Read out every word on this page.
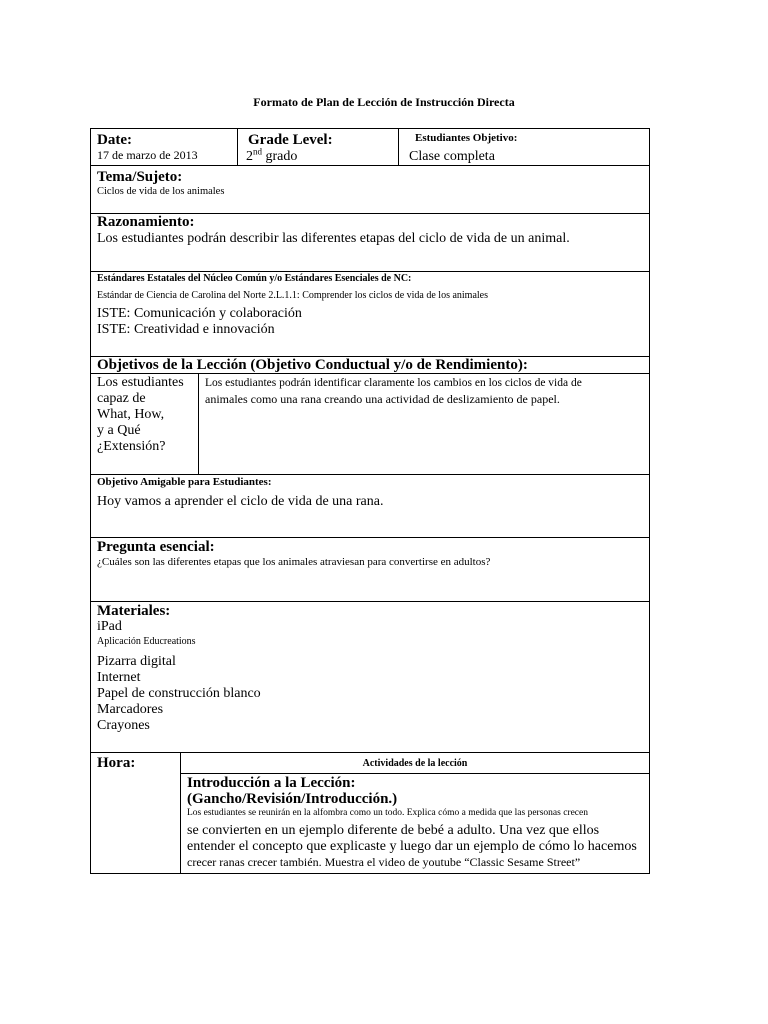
Formato de Plan de Lección de Instrucción Directa
Date:
17 de marzo de 2013
Grade Level:
2nd grado
Estudiantes Objetivo:
Clase completa
Tema/Sujeto:
Ciclos de vida de los animales
Razonamiento:
Los estudiantes podrán describir las diferentes etapas del ciclo de vida de un animal.
Estándares Estatales del Núcleo Común y/o Estándares Esenciales de NC:
Estándar de Ciencia de Carolina del Norte 2.L.1.1: Comprender los ciclos de vida de los animales
ISTE: Comunicación y colaboración
ISTE: Creatividad e innovación
Objetivos de la Lección (Objetivo Conductual y/o de Rendimiento):
Los estudiantes
capaz de
What, How,
y a Qué
¿Extensión?
Los estudiantes podrán identificar claramente los cambios en los ciclos de vida de
animales como una rana creando una actividad de deslizamiento de papel.
Objetivo Amigable para Estudiantes:
Hoy vamos a aprender el ciclo de vida de una rana.
Pregunta esencial:
¿Cuáles son las diferentes etapas que los animales atraviesan para convertirse en adultos?
Materiales:
iPad
Aplicación Educreations
Pizarra digital
Internet
Papel de construcción blanco
Marcadores
Crayones
Hora:	Actividades de la lección
Introducción a la Lección:
(Gancho/Revisión/Introducción.)
Los estudiantes se reunirán en la alfombra como un todo. Explica cómo a medida que las personas crecen
se convierten en un ejemplo diferente de bebé a adulto. Una vez que ellos
entender el concepto que explicaste y luego dar un ejemplo de cómo lo hacemos
crecer ranas crecer también. Muestra el video de youtube “Classic Sesame Street”
